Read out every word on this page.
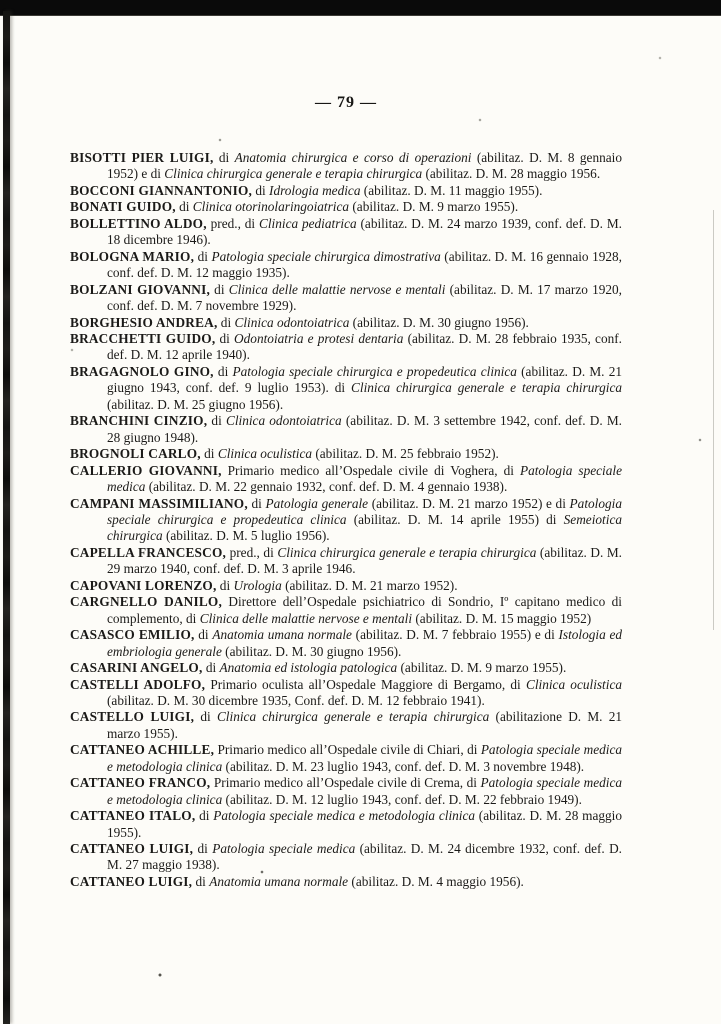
— 79 —

BISOTTI PIER LUIGI, di Anatomia chirurgica e corso di operazioni (abilitaz. D. M. 8 gennaio 1952) e di Clinica chirurgica generale e terapia chirurgica (abilitaz. D. M. 28 maggio 1956.

BOCCONI GIANNANTONIO, di Idrologia medica (abilitaz. D. M. 11 maggio 1955).

BONATI GUIDO, di Clinica otorinolaringoiatrica (abilitaz. D. M. 9 marzo 1955).

BOLLETTINO ALDO, pred., di Clinica pediatrica (abilitaz. D. M. 24 marzo 1939, conf. def. D. M. 18 dicembre 1946).

BOLOGNA MARIO, di Patologia speciale chirurgica dimostrativa (abilitaz. D. M. 16 gennaio 1928, conf. def. D. M. 12 maggio 1935).

BOLZANI GIOVANNI, di Clinica delle malattie nervose e mentali (abilitaz. D. M. 17 marzo 1920, conf. def. D. M. 7 novembre 1929).

BORGHESIO ANDREA, di Clinica odontoiatrica (abilitaz. D. M. 30 giugno 1956).

BRACCHETTI GUIDO, di Odontoiatria e protesi dentaria (abilitaz. D. M. 28 febbraio 1935, conf. def. D. M. 12 aprile 1940).

BRAGAGNOLO GINO, di Patologia speciale chirurgica e propedeutica clinica (abilitaz. D. M. 21 giugno 1943, conf. def. 9 luglio 1953). di Clinica chirurgica generale e terapia chirurgica (abilitaz. D. M. 25 giugno 1956).

BRANCHINI CINZIO, di Clinica odontoiatrica (abilitaz. D. M. 3 settembre 1942, conf. def. D. M. 28 giugno 1948).

BROGNOLI CARLO, di Clinica oculistica (abilitaz. D. M. 25 febbraio 1952).

CALLERIO GIOVANNI, Primario medico all’Ospedale civile di Voghera, di Patologia speciale medica (abilitaz. D. M. 22 gennaio 1932, conf. def. D. M. 4 gennaio 1938).

CAMPANI MASSIMILIANO, di Patologia generale (abilitaz. D. M. 21 marzo 1952) e di Patologia speciale chirurgica e propedeutica clinica (abilitaz. D. M. 14 aprile 1955) di Semeiotica chirurgica (abilitaz. D. M. 5 luglio 1956).

CAPELLA FRANCESCO, pred., di Clinica chirurgica generale e terapia chirurgica (abilitaz. D. M. 29 marzo 1940, conf. def. D. M. 3 aprile 1946.

CAPOVANI LORENZO, di Urologia (abilitaz. D. M. 21 marzo 1952).

CARGNELLO DANILO, Direttore dell’Ospedale psichiatrico di Sondrio, Iº capitano medico di complemento, di Clinica delle malattie nervose e mentali (abilitaz. D. M. 15 maggio 1952)

CASASCO EMILIO, di Anatomia umana normale (abilitaz. D. M. 7 febbraio 1955) e di Istologia ed embriologia generale (abilitaz. D. M. 30 giugno 1956).

CASARINI ANGELO, di Anatomia ed istologia patologica (abilitaz. D. M. 9 marzo 1955).

CASTELLI ADOLFO, Primario oculista all’Ospedale Maggiore di Bergamo, di Clinica oculistica (abilitaz. D. M. 30 dicembre 1935, Conf. def. D. M. 12 febbraio 1941).

CASTELLO LUIGI, di Clinica chirurgica generale e terapia chirurgica (abilitazione D. M. 21 marzo 1955).

CATTANEO ACHILLE, Primario medico all’Ospedale civile di Chiari, di Patologia speciale medica e metodologia clinica (abilitaz. D. M. 23 luglio 1943, conf. def. D. M. 3 novembre 1948).

CATTANEO FRANCO, Primario medico all’Ospedale civile di Crema, di Patologia speciale medica e metodologia clinica (abilitaz. D. M. 12 luglio 1943, conf. def. D. M. 22 febbraio 1949).

CATTANEO ITALO, di Patologia speciale medica e metodologia clinica (abilitaz. D. M. 28 maggio 1955).

CATTANEO LUIGI, di Patologia speciale medica (abilitaz. D. M. 24 dicembre 1932, conf. def. D. M. 27 maggio 1938).

CATTANEO LUIGI, di Anatomia umana normale (abilitaz. D. M. 4 maggio 1956).
